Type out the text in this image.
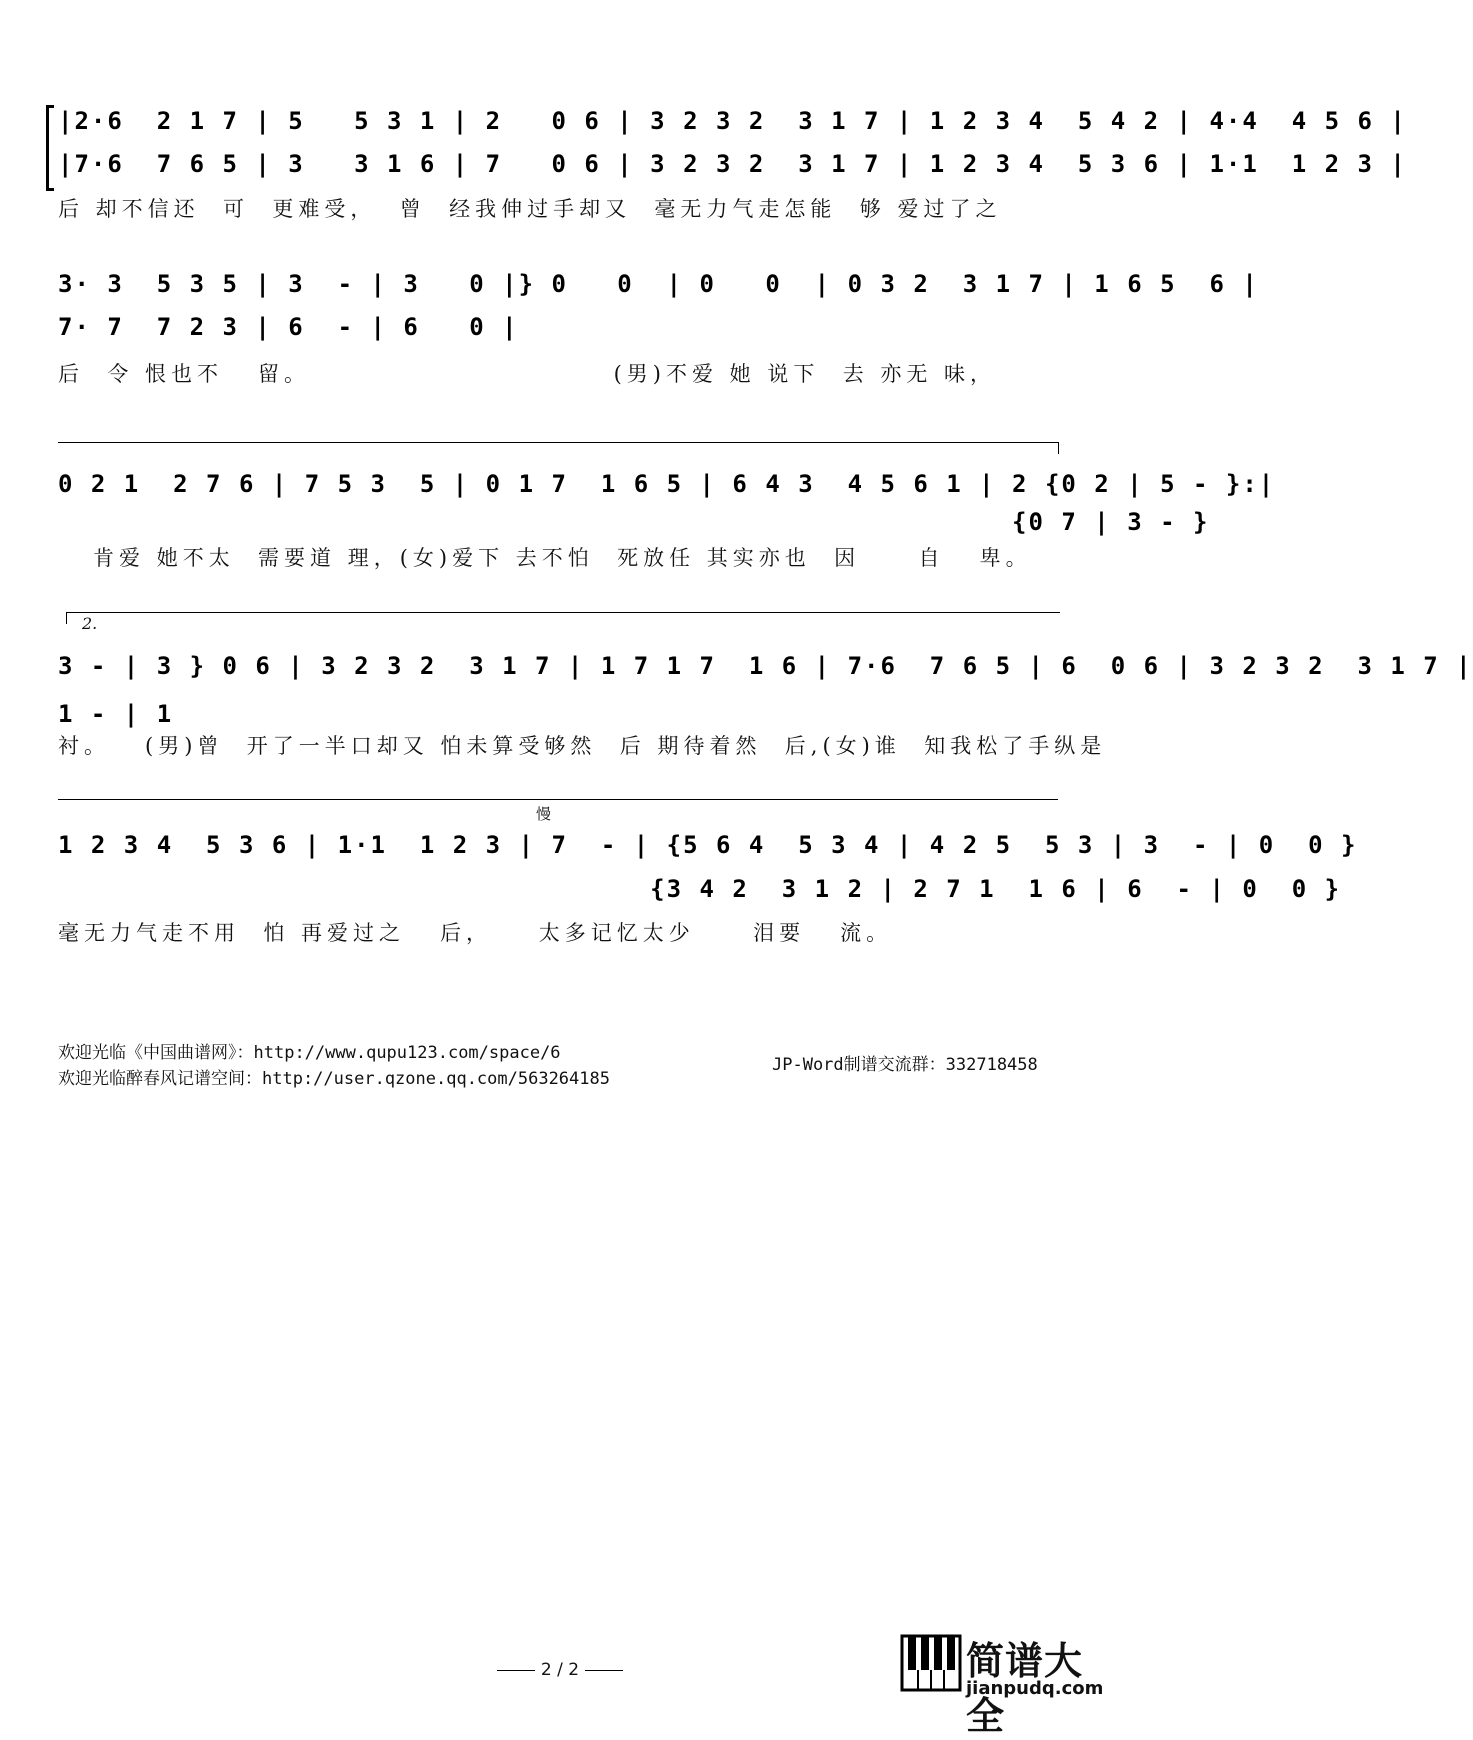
|2·6  2 1 7 | 5   5 3 1 | 2   0 6 | 3 2 3 2  3 1 7 | 1 2 3 4  5 4 2 | 4·4  4 5 6 |
|7·6  7 6 5 | 3   3 1 6 | 7   0 6 | 3 2 3 2  3 1 7 | 1 2 3 4  5 3 6 | 1·1  1 2 3 |
后 却不信还  可  更难受，  曾  经我伸过手却又  毫无力气走怎能  够 爱过了之
3· 3  5 3 5 | 3  - | 3   0 |} 0   0  | 0   0  | 0 3 2  3 1 7 | 1 6 5  6 |
7· 7  7 2 3 | 6  - | 6   0 |
后  令 恨也不   留。                          (男)不爱 她 说下  去 亦无 味，
0 2 1  2 7 6 | 7 5 3  5 | 0 1 7  1 6 5 | 6 4 3  4 5 6 1 | 2 {0 2 | 5 - }:|
{0 7 | 3 - }
肯爱 她不太  需要道 理，(女)爱下 去不怕  死放任 其实亦也  因     自   卑。
2.
3 - | 3 } 0 6 | 3 2 3 2  3 1 7 | 1 7 1 7  1 6 | 7·6  7 6 5 | 6  0 6 | 3 2 3 2  3 1 7 |
1 - | 1
衬。   (男)曾  开了一半口却又 怕未算受够然  后 期待着然  后,(女)谁  知我松了手纵是
慢
1 2 3 4  5 3 6 | 1·1  1 2 3 | 7  - | {5 6 4  5 3 4 | 4 2 5  5 3 | 3  - | 0  0 }
{3 4 2  3 1 2 | 2 7 1  1 6 | 6  - | 0  0 }
毫无力气走不用  怕 再爱过之   后，    太多记忆太少     泪要   流。
欢迎光临《中国曲谱网》：http://www.qupu123.com/space/6
欢迎光临醉春风记谱空间：http://user.qzone.qq.com/563264185
JP-Word制谱交流群：332718458
2 / 2	简谱大全
jianpudq.com
